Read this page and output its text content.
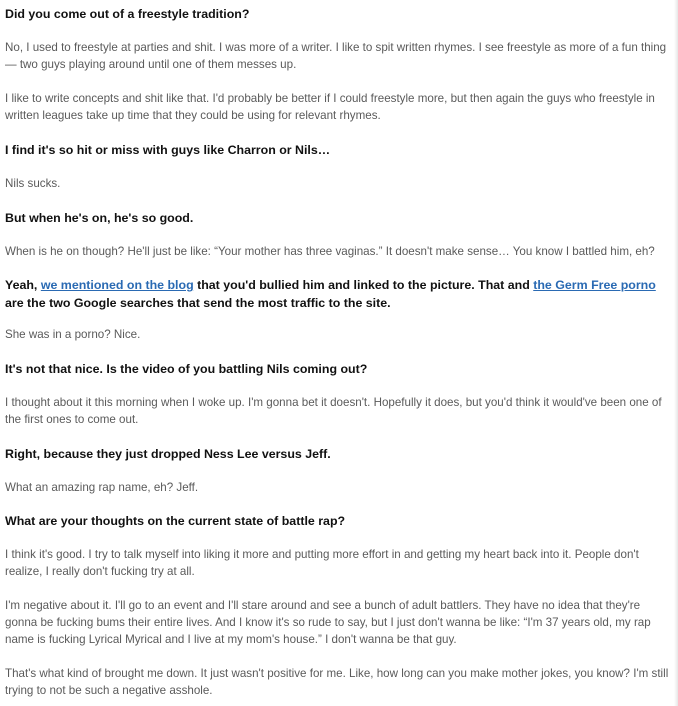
Did you come out of a freestyle tradition?

No, I used to freestyle at parties and shit. I was more of a writer. I like to spit written rhymes. I see freestyle as more of a fun thing — two guys playing around until one of them messes up.

I like to write concepts and shit like that. I'd probably be better if I could freestyle more, but then again the guys who freestyle in written leagues take up time that they could be using for relevant rhymes.

I find it's so hit or miss with guys like Charron or Nils…

Nils sucks.

But when he's on, he's so good.

When is he on though? He'll just be like: “Your mother has three vaginas.” It doesn't make sense… You know I battled him, eh?

Yeah, we mentioned on the blog that you'd bullied him and linked to the picture. That and the Germ Free porno are the two Google searches that send the most traffic to the site.

She was in a porno? Nice.

It's not that nice. Is the video of you battling Nils coming out?

I thought about it this morning when I woke up. I'm gonna bet it doesn't. Hopefully it does, but you'd think it would've been one of the first ones to come out.

Right, because they just dropped Ness Lee versus Jeff.

What an amazing rap name, eh? Jeff.

What are your thoughts on the current state of battle rap?

I think it's good. I try to talk myself into liking it more and putting more effort in and getting my heart back into it. People don't realize, I really don't fucking try at all.

I'm negative about it. I'll go to an event and I'll stare around and see a bunch of adult battlers. They have no idea that they're gonna be fucking bums their entire lives. And I know it's so rude to say, but I just don't wanna be like: “I'm 37 years old, my rap name is fucking Lyrical Myrical and I live at my mom's house.” I don't wanna be that guy.

That's what kind of brought me down. It just wasn't positive for me. Like, how long can you make mother jokes, you know? I'm still trying to not be such a negative asshole.
